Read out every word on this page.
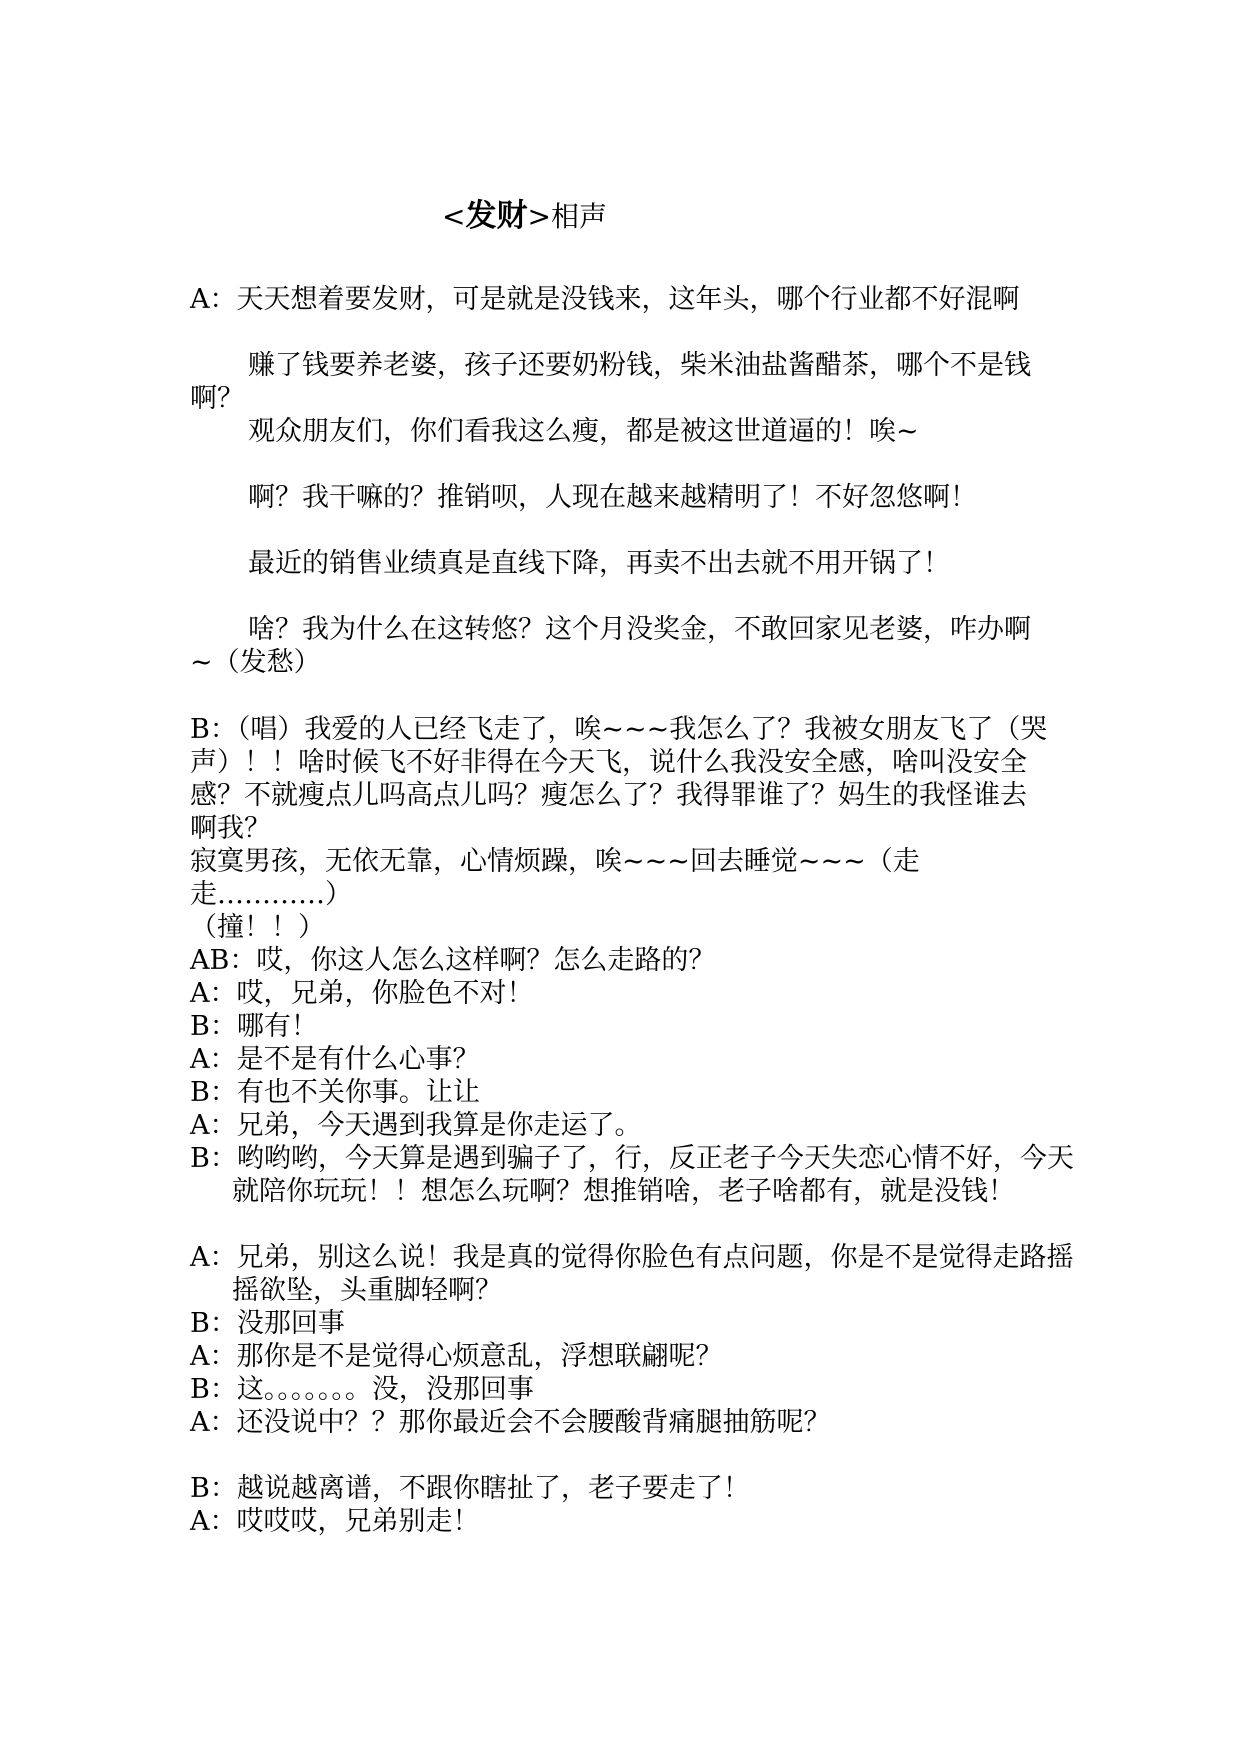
<发财>相声

A：天天想着要发财，可是就是没钱来，这年头，哪个行业都不好混啊

赚了钱要养老婆，孩子还要奶粉钱，柴米油盐酱醋茶，哪个不是钱啊？

观众朋友们，你们看我这么瘦，都是被这世道逼的！唉~

啊？我干嘛的？推销呗，人现在越来越精明了！不好忽悠啊！

最近的销售业绩真是直线下降，再卖不出去就不用开锅了！

啥？我为什么在这转悠？这个月没奖金，不敢回家见老婆，咋办啊~（发愁）

B：（唱）我爱的人已经飞走了，唉~~~我怎么了？我被女朋友飞了（哭声）！！啥时候飞不好非得在今天飞，说什么我没安全感，啥叫没安全感？不就瘦点儿吗高点儿吗？瘦怎么了？我得罪谁了？妈生的我怪谁去啊我？

寂寞男孩，无依无靠，心情烦躁，唉~~~回去睡觉~~~（走走…………）

（撞！！）

AB：哎，你这人怎么这样啊？怎么走路的？

A：哎，兄弟，你脸色不对！

B：哪有！

A：是不是有什么心事？

B：有也不关你事。让让

A：兄弟，今天遇到我算是你走运了。

B：哟哟哟，今天算是遇到骗子了，行，反正老子今天失恋心情不好，今天就陪你玩玩！！想怎么玩啊？想推销啥，老子啥都有，就是没钱！

A：兄弟，别这么说！我是真的觉得你脸色有点问题，你是不是觉得走路摇摇欲坠，头重脚轻啊？

B：没那回事

A：那你是不是觉得心烦意乱，浮想联翩呢？

B：这。。。。。。。没，没那回事

A：还没说中？？那你最近会不会腰酸背痛腿抽筋呢？

B：越说越离谱，不跟你瞎扯了，老子要走了！

A：哎哎哎，兄弟别走！
